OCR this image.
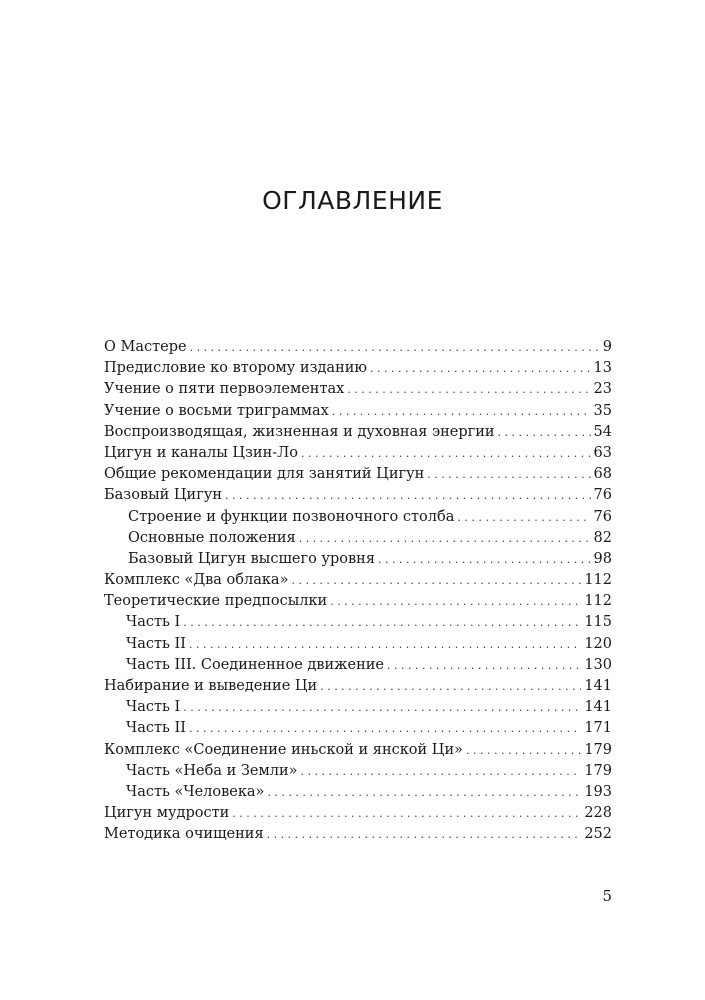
ОГЛАВЛЕНИЕ
О Мастере . . .	9
Предисловие ко второму изданию . . .	13
Учение о пяти первоэлементах . . .	23
Учение о восьми триграммах . . .	35
Воспроизводящая, жизненная и духовная энергии . . .	54
Цигун и каналы Цзин-Ло . . .	63
Общие рекомендации для занятий Цигун . . .	68
Базовый Цигун . . .	76
Строение и функции позвоночного столба . . .	76
Основные положения . . .	82
Базовый Цигун высшего уровня . . .	98
Комплекс «Два облака» . . .	112
Теоретические предпосылки . . .	112
Часть I . . .	115
Часть II . . .	120
Часть III. Соединенное движение . . .	130
Набирание и выведение Ци . . .	141
Часть I . . .	141
Часть II . . .	171
Комплекс «Соединение иньской и янской Ци» . . .	179
Часть «Неба и Земли» . . .	179
Часть «Человека» . . .	193
Цигун мудрости . . .	228
Методика очищения . . .	252
5
